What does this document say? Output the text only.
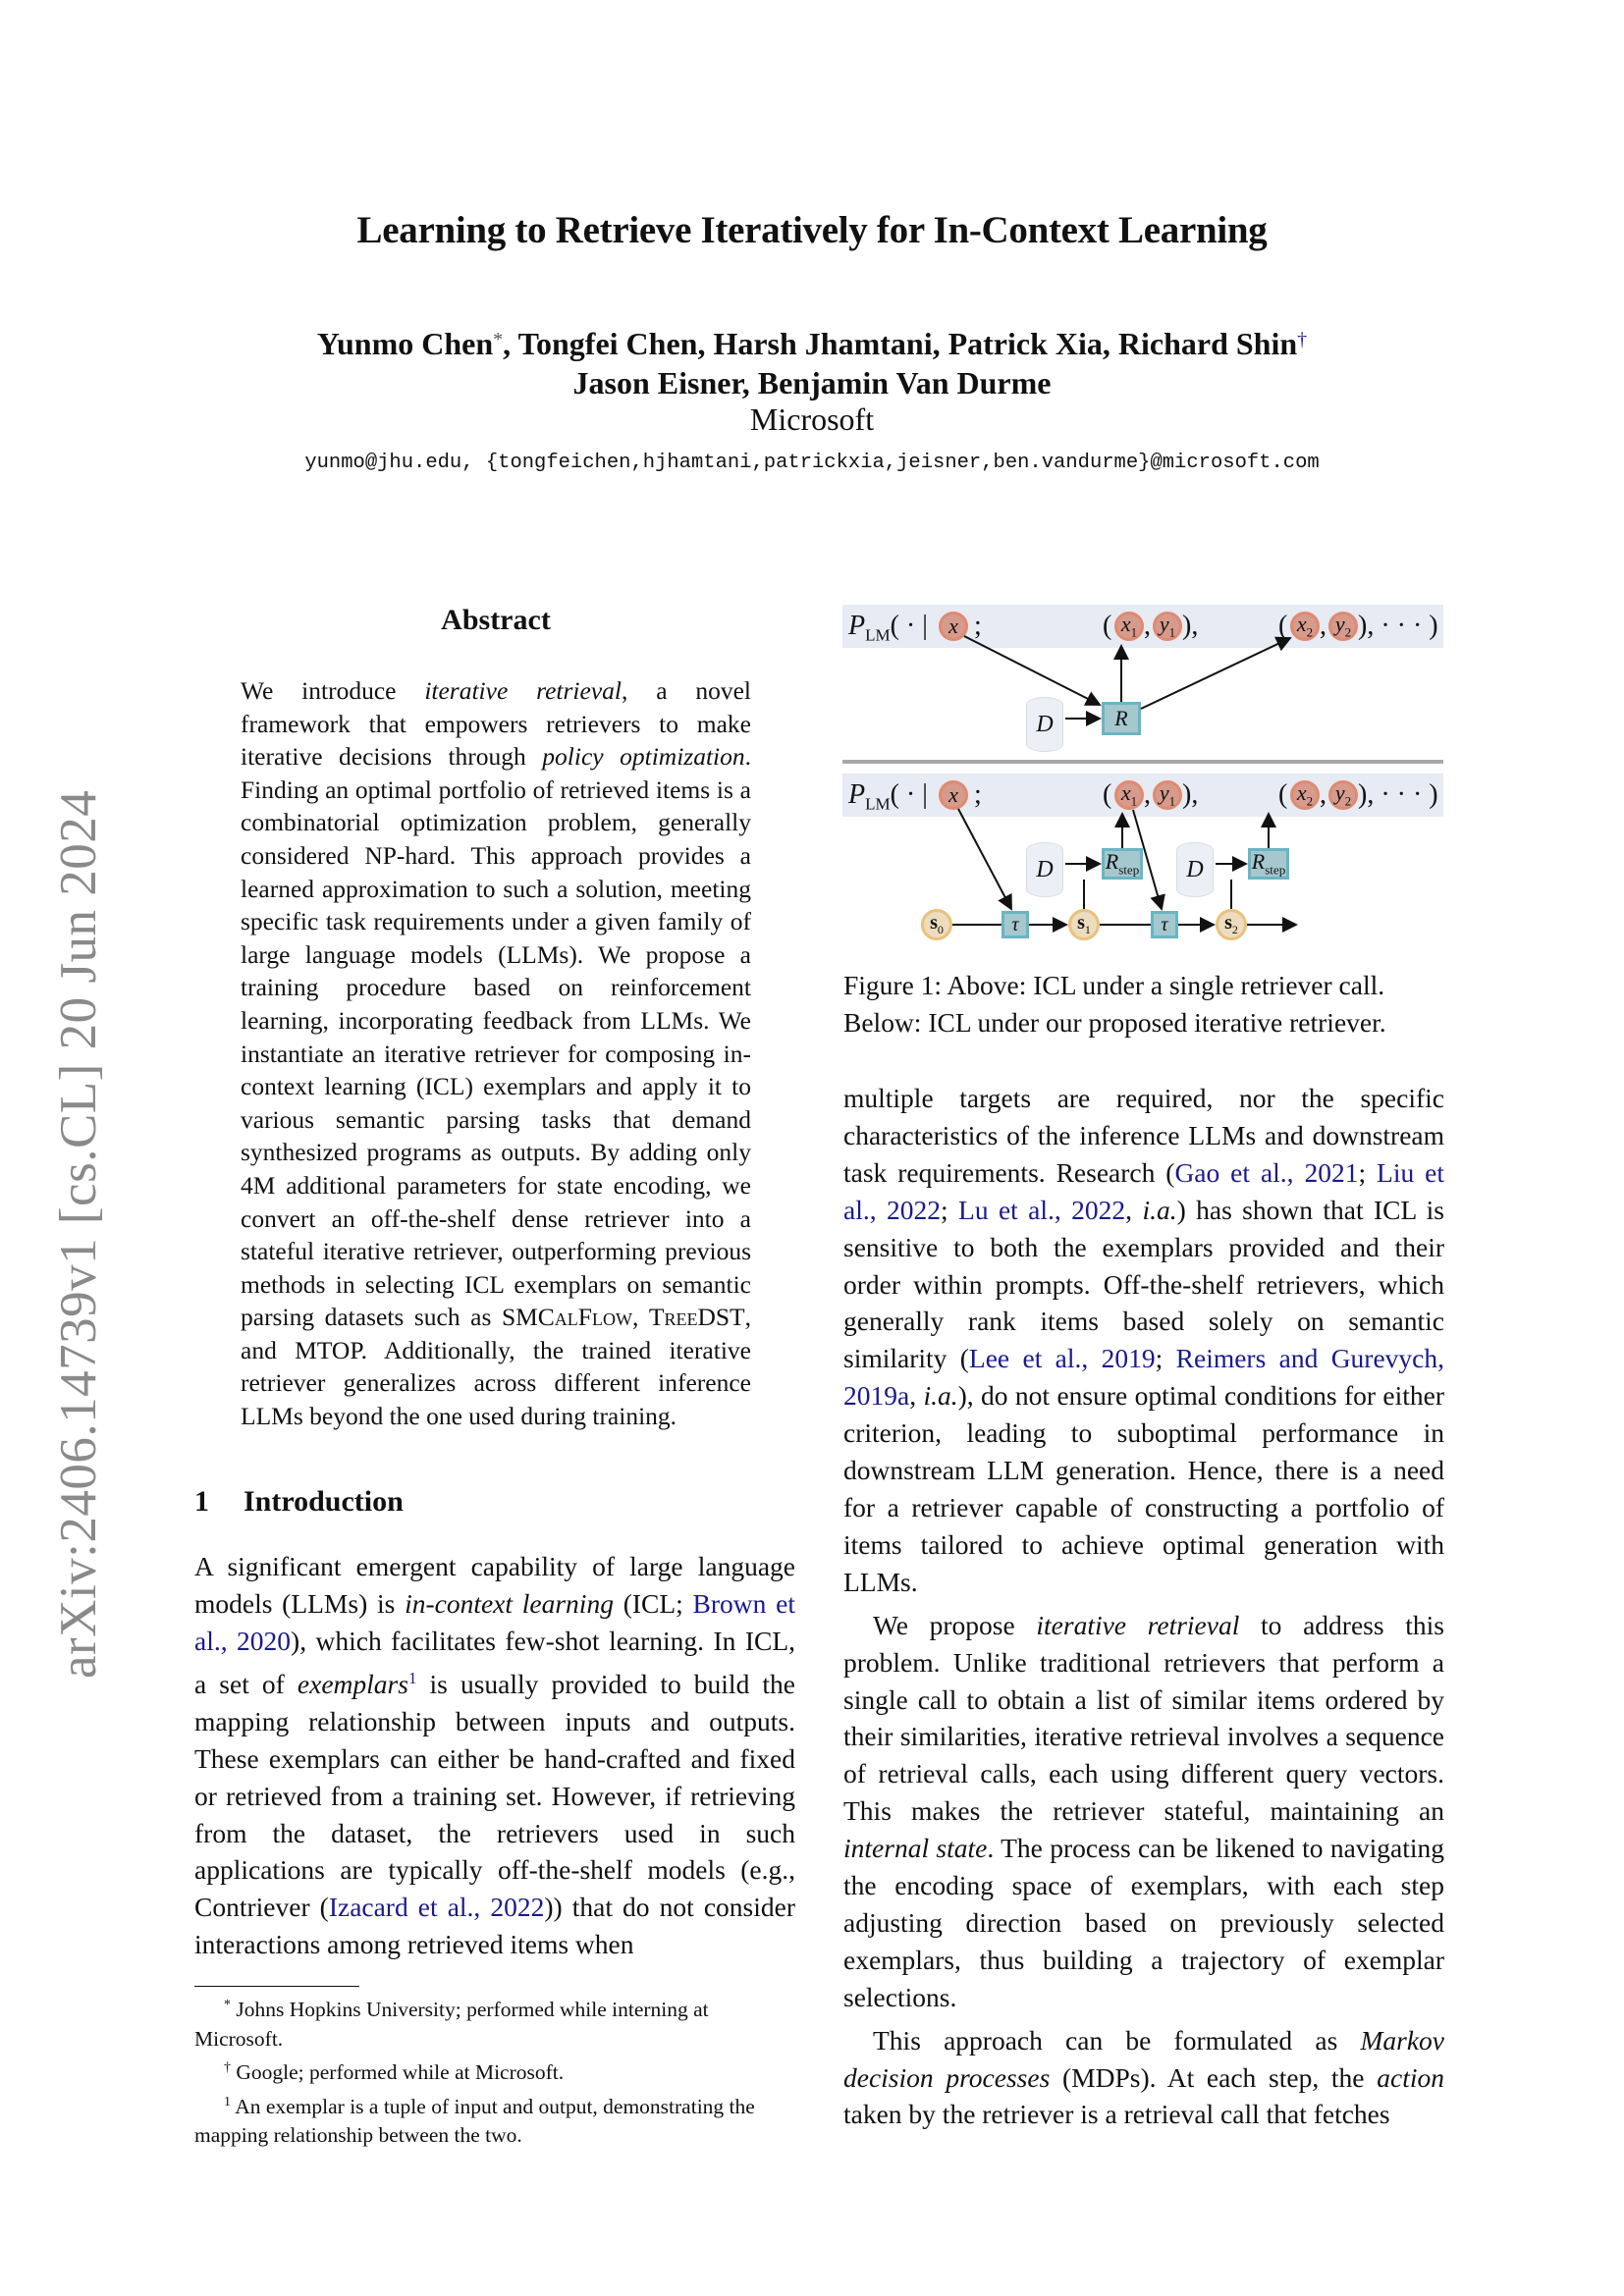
arXiv:2406.14739v1 [cs.CL] 20 Jun 2024
Learning to Retrieve Iteratively for In-Context Learning
Yunmo Chen*, Tongfei Chen, Harsh Jhamtani, Patrick Xia, Richard Shin†
Jason Eisner, Benjamin Van Durme
Microsoft
yunmo@jhu.edu, {tongfeichen,hjhamtani,patrickxia,jeisner,ben.vandurme}@microsoft.com
Abstract

We introduce iterative retrieval, a novel framework that empowers retrievers to make iterative decisions through policy optimization. Finding an optimal portfolio of retrieved items is a combinatorial optimization problem, generally considered NP-hard. This approach provides a learned approximation to such a solution, meeting specific task requirements under a given family of large language models (LLMs). We propose a training procedure based on reinforcement learning, incorporating feedback from LLMs. We instantiate an iterative retriever for composing in-context learning (ICL) exemplars and apply it to various semantic parsing tasks that demand synthesized programs as outputs. By adding only 4M additional parameters for state encoding, we convert an off-the-shelf dense retriever into a stateful iterative retriever, outperforming previous methods in selecting ICL exemplars on semantic parsing datasets such as SMCalFlow, TreeDST, and MTOP. Additionally, the trained iterative retriever generalizes across different inference LLMs beyond the one used during training.

1 Introduction

A significant emergent capability of large language models (LLMs) is in-context learning (ICL; Brown et al., 2020), which facilitates few-shot learning. In ICL, a set of exemplars$^1$ is usually provided to build the mapping relationship between inputs and outputs. These exemplars can either be hand-crafted and fixed or retrieved from a training set. However, if retrieving from the dataset, the retrievers used in such applications are typically off-the-shelf models (e.g., Contriever (Izacard et al., 2022)) that do not consider interactions among retrieved items when

* Johns Hopkins University; performed while interning at Microsoft.

† Google; performed while at Microsoft.

$^1$ An exemplar is a tuple of input and output, demonstrating the mapping relationship between the two.

$P_{LM}$( · | x ;	( $x_1$ , $y_1$ ),	( $x_2$ , $y_2$ ), · · · )
D	R
$P_{LM}$( · | x ;	( $x_1$ , $y_1$ ),	( $x_2$ , $y_2$ ), · · · )
D	$R_{step}$	D	$R_{step}$
$s_0$	τ	$s_1$	τ	$s_2$
Figure 1: Above: ICL under a single retriever call. Below: ICL under our proposed iterative retriever.

multiple targets are required, nor the specific characteristics of the inference LLMs and downstream task requirements. Research (Gao et al., 2021; Liu et al., 2022; Lu et al., 2022, i.a.) has shown that ICL is sensitive to both the exemplars provided and their order within prompts. Off-the-shelf retrievers, which generally rank items based solely on semantic similarity (Lee et al., 2019; Reimers and Gurevych, 2019a, i.a.), do not ensure optimal conditions for either criterion, leading to suboptimal performance in downstream LLM generation. Hence, there is a need for a retriever capable of constructing a portfolio of items tailored to achieve optimal generation with LLMs.

We propose iterative retrieval to address this problem. Unlike traditional retrievers that perform a single call to obtain a list of similar items ordered by their similarities, iterative retrieval involves a sequence of retrieval calls, each using different query vectors. This makes the retriever stateful, maintaining an internal state. The process can be likened to navigating the encoding space of exemplars, with each step adjusting direction based on previously selected exemplars, thus building a trajectory of exemplar selections.

This approach can be formulated as Markov decision processes (MDPs). At each step, the action taken by the retriever is a retrieval call that fetches
